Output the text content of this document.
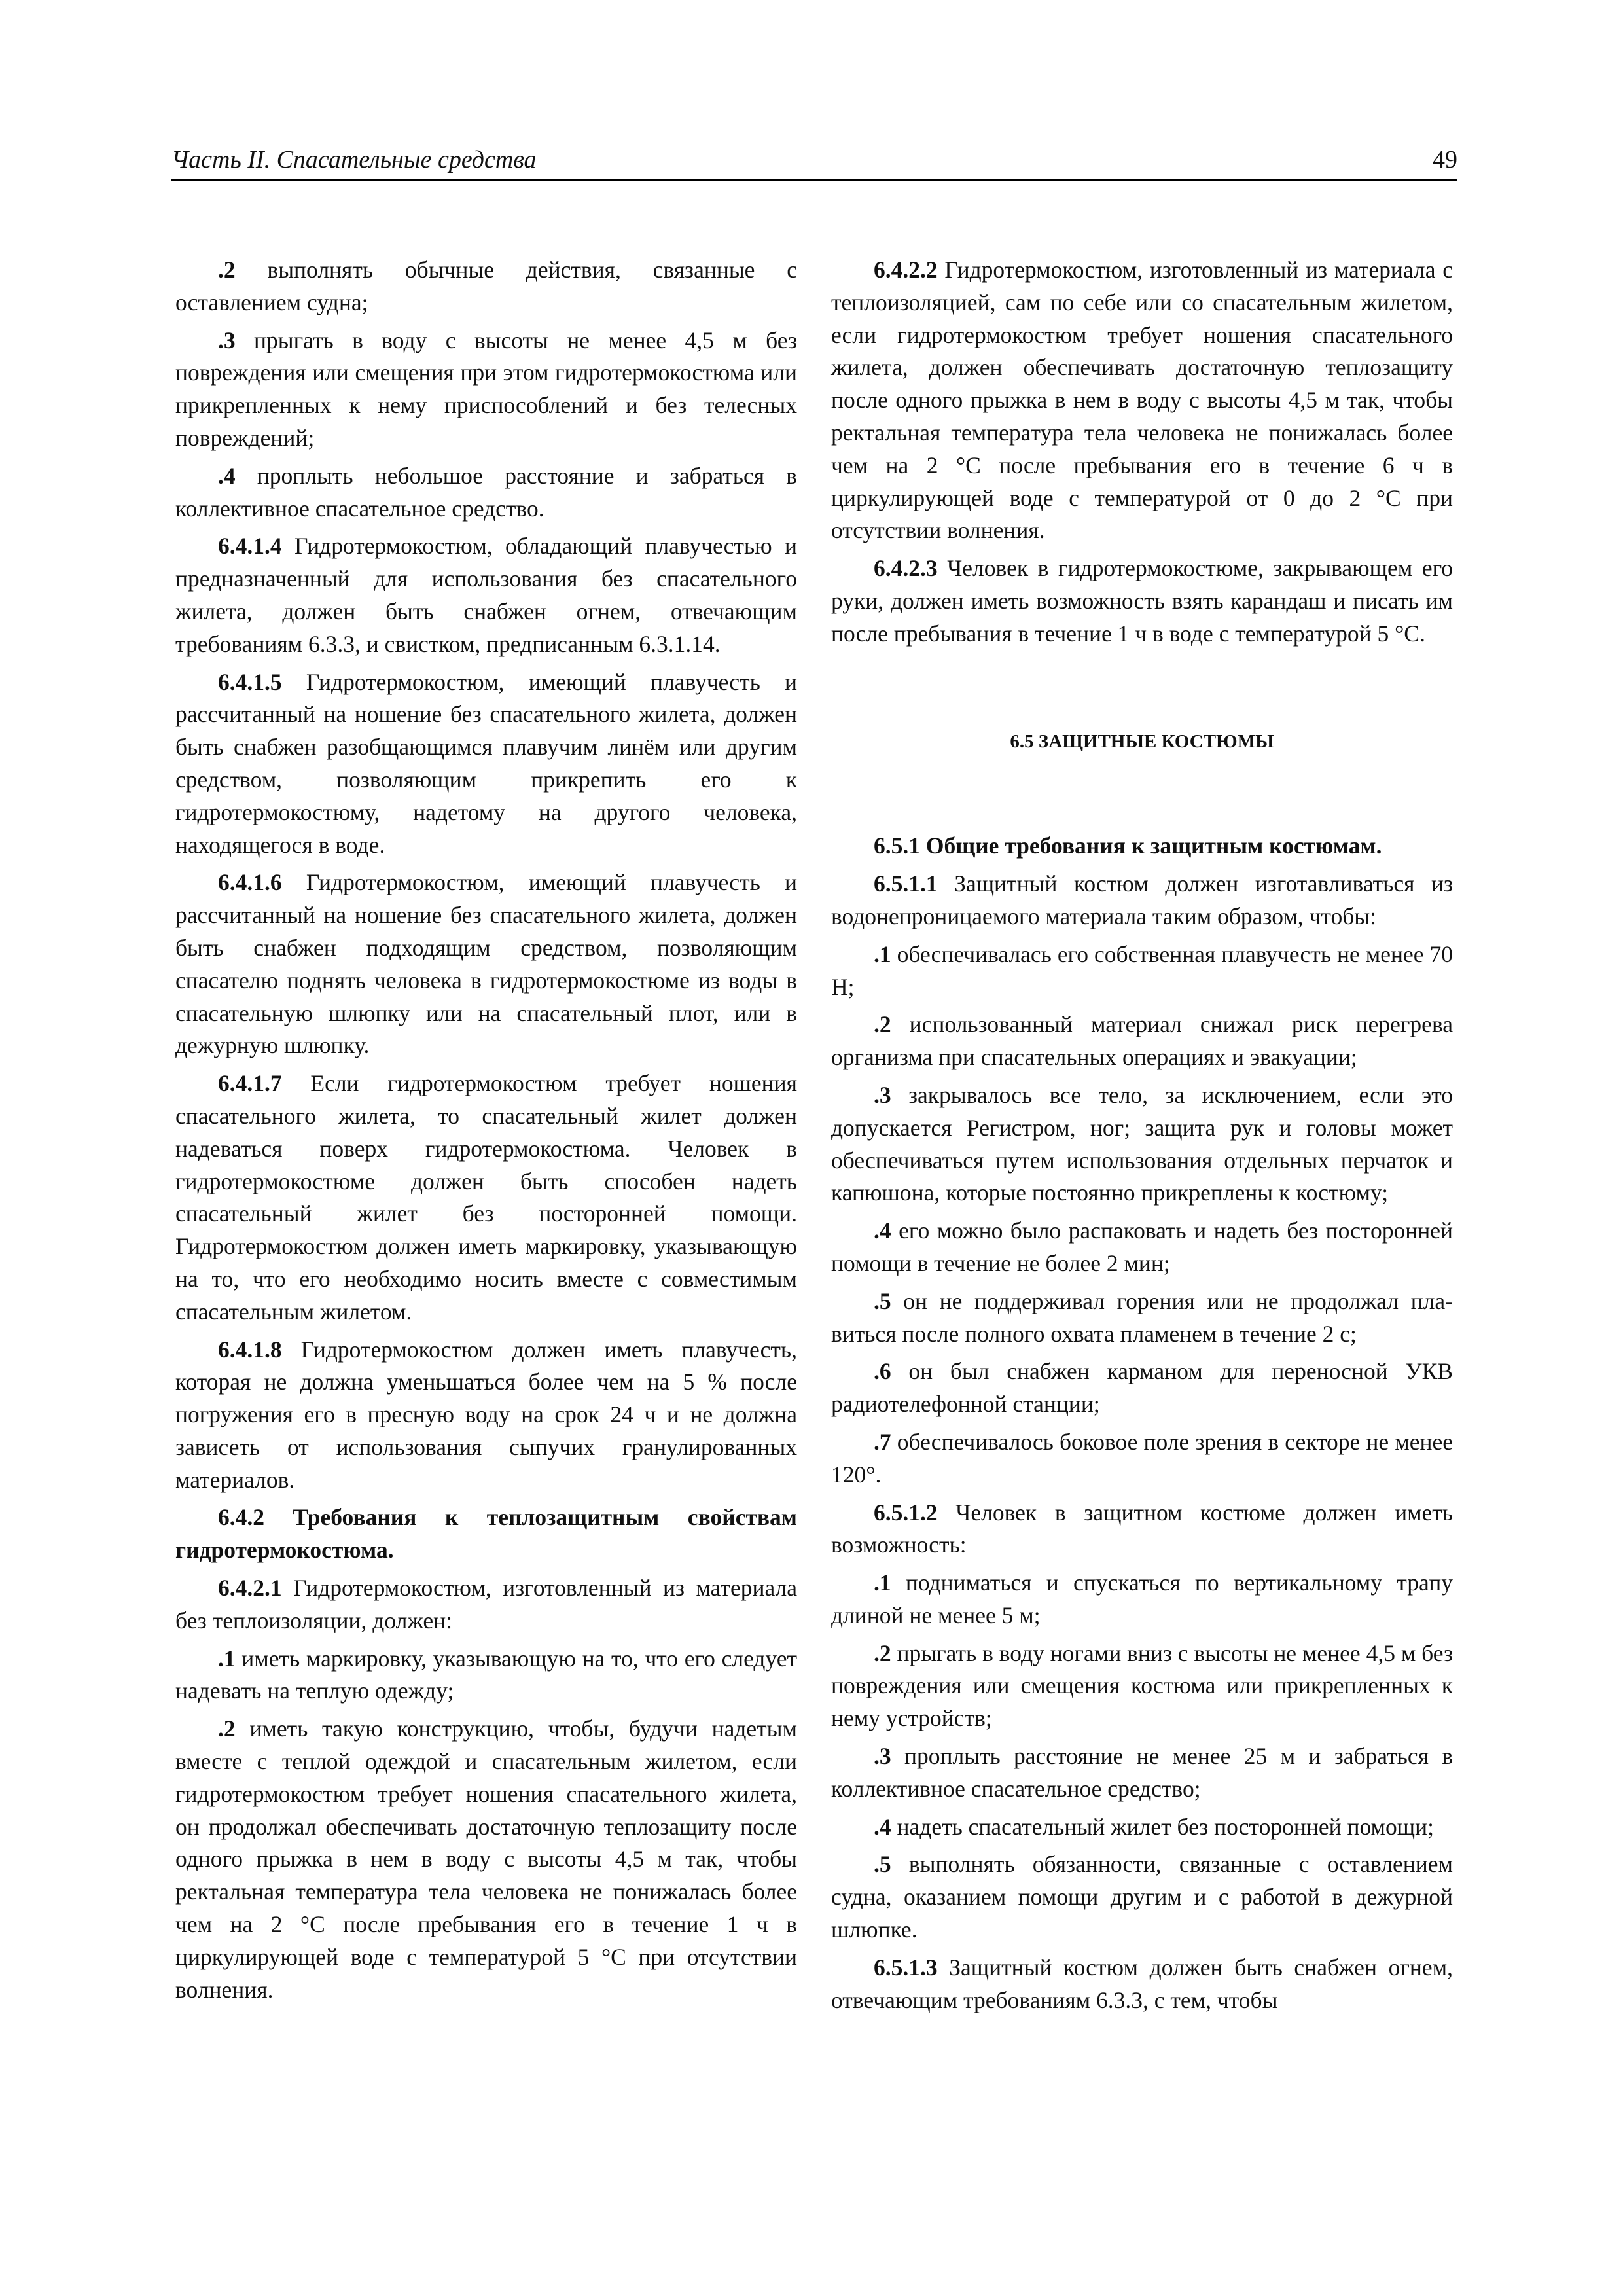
Часть II. Спасательные средства	49

.2 выполнять обычные действия, связанные с оставлением судна;

.3 прыгать в воду с высоты не менее 4,5 м без повреждения или смещения при этом гидротермокостюма или прикрепленных к нему приспособлений и без телесных повреждений;

.4 проплыть небольшое расстояние и забраться в коллективное спасательное средство.

6.4.1.4 Гидротермокостюм, обладающий плавучестью и предназначенный для использования без спасательного жилета, должен быть снабжен огнем, отвечающим требованиям 6.3.3, и свистком, предписанным 6.3.1.14.

6.4.1.5 Гидротермокостюм, имеющий плавучесть и рассчитанный на ношение без спасательного жилета, должен быть снабжен разобщающимся плавучим линём или другим средством, позволяющим прикрепить его к гидротермокостюму, надетому на другого человека, находящегося в воде.

6.4.1.6 Гидротермокостюм, имеющий плавучесть и рассчитанный на ношение без спасательного жилета, должен быть снабжен подходящим средством, позволяющим спасателю поднять человека в гидротермокостюме из воды в спасательную шлюпку или на спасательный плот, или в дежурную шлюпку.

6.4.1.7 Если гидротермокостюм требует ношения спасательного жилета, то спасательный жилет должен надеваться поверх гидротермокостюма. Человек в гидротермокостюме должен быть способен надеть спасательный жилет без посторонней помощи. Гидротермокостюм должен иметь маркировку, указывающую на то, что его необходимо носить вместе с совместимым спасательным жилетом.

6.4.1.8 Гидротермокостюм должен иметь плавучесть, которая не должна уменьшаться более чем на 5 % после погружения его в пресную воду на срок 24 ч и не должна зависеть от использования сыпучих гранулированных материалов.

6.4.2 Требования к теплозащитным свойствам гидротермокостюма.

6.4.2.1 Гидротермокостюм, изготовленный из материала без теплоизоляции, должен:

.1 иметь маркировку, указывающую на то, что его следует надевать на теплую одежду;

.2 иметь такую конструкцию, чтобы, будучи надетым вместе с теплой одеждой и спасательным жилетом, если гидротермокостюм требует ношения спасательного жилета, он продолжал обеспечивать достаточную теплозащиту после одного прыжка в нем в воду с высоты 4,5 м так, чтобы ректальная температура тела человека не понижалась более чем на 2 °С после пребывания его в течение 1 ч в циркулирующей воде с температурой 5 °С при отсутствии волнения.

6.4.2.2 Гидротермокостюм, изготовленный из материала с теплоизоляцией, сам по себе или со спасательным жилетом, если гидротермокостюм требует ношения спасательного жилета, должен обеспечивать достаточную теплозащиту после одного прыжка в нем в воду с высоты 4,5 м так, чтобы ректальная температура тела человека не понижалась более чем на 2 °С после пребывания его в течение 6 ч в циркулирующей воде с температурой от 0 до 2 °С при отсутствии волнения.

6.4.2.3 Человек в гидротермокостюме, закрывающем его руки, должен иметь возможность взять карандаш и писать им после пребывания в течение 1 ч в воде с температурой 5 °С.

6.5 ЗАЩИТНЫЕ КОСТЮМЫ

6.5.1 Общие требования к защитным костюмам.

6.5.1.1 Защитный костюм должен изготавливаться из водонепроницаемого материала таким образом, чтобы:

.1 обеспечивалась его собственная плавучесть не менее 70 Н;

.2 использованный материал снижал риск перегрева организма при спасательных операциях и эвакуации;

.3 закрывалось все тело, за исключением, если это допускается Регистром, ног; защита рук и головы может обеспечиваться путем использования отдельных перчаток и капюшона, которые постоянно прикреплены к костюму;

.4 его можно было распаковать и надеть без посторонней помощи в течение не более 2 мин;

.5 он не поддерживал горения или не продолжал пла-виться после полного охвата пламенем в течение 2 с;

.6 он был снабжен карманом для переносной УКВ радиотелефонной станции;

.7 обеспечивалось боковое поле зрения в секторе не менее 120°.

6.5.1.2 Человек в защитном костюме должен иметь возможность:

.1 подниматься и спускаться по вертикальному трапу длиной не менее 5 м;

.2 прыгать в воду ногами вниз с высоты не менее 4,5 м без повреждения или смещения костюма или прикрепленных к нему устройств;

.3 проплыть расстояние не менее 25 м и забраться в коллективное спасательное средство;

.4 надеть спасательный жилет без посторонней помощи;

.5 выполнять обязанности, связанные с оставлением судна, оказанием помощи другим и с работой в дежурной шлюпке.

6.5.1.3 Защитный костюм должен быть снабжен огнем, отвечающим требованиям 6.3.3, с тем, чтобы
